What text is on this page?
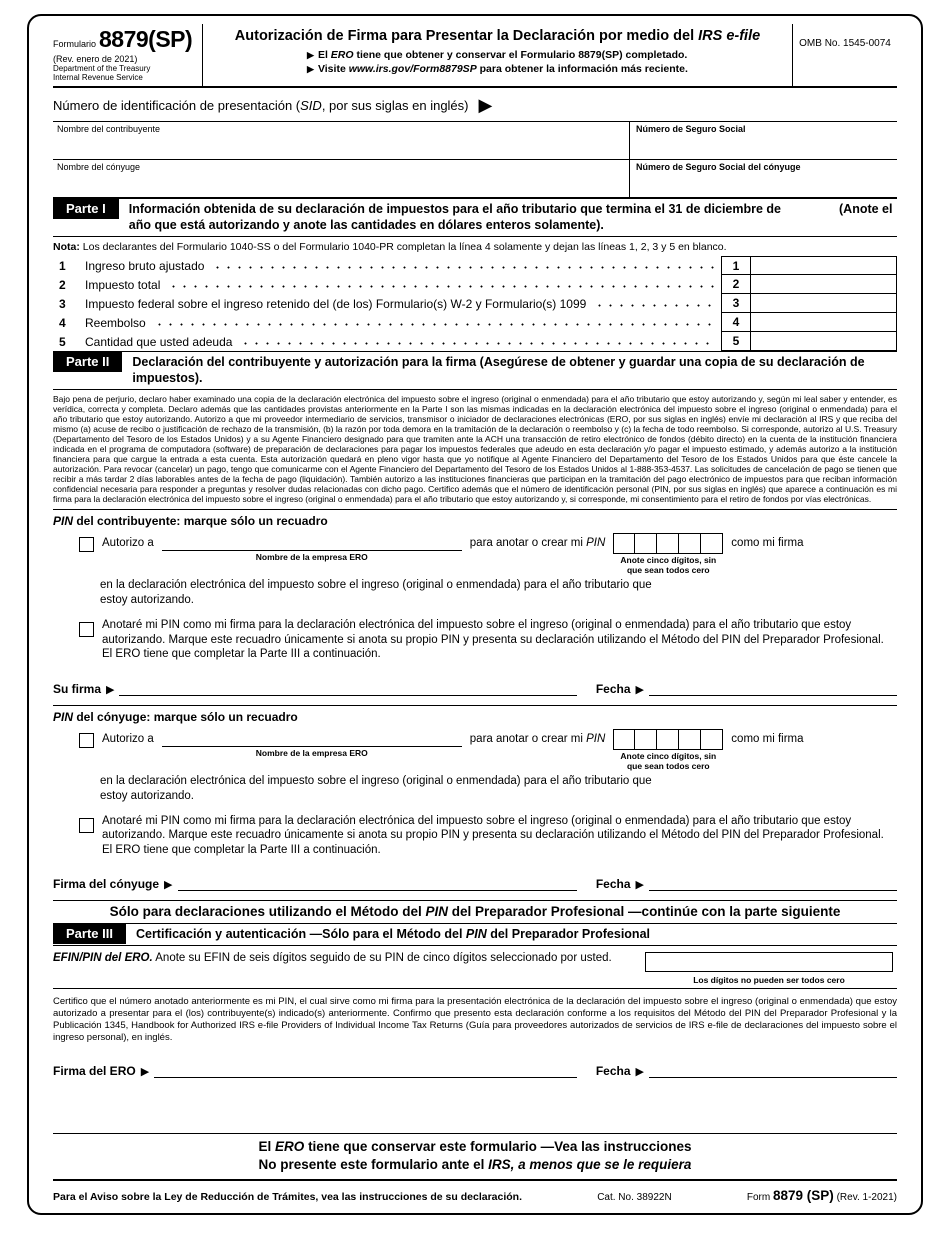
Formulario 8879(SP)
(Rev. enero de 2021)
Department of the Treasury
Internal Revenue Service
Autorización de Firma para Presentar la Declaración por medio del IRS e-file
▶ El ERO tiene que obtener y conservar el Formulario 8879(SP) completado.
▶ Visite www.irs.gov/Form8879SP para obtener la información más reciente.
OMB No. 1545-0074
Número de identificación de presentación (SID, por sus siglas en inglés) ▶
Nombre del contribuyente	Número de Seguro Social
Nombre del cónyuge	Número de Seguro Social del cónyuge
Parte I	Información obtenida de su declaración de impuestos para el año tributario que termina el 31 de diciembre de	(Anote el año que está autorizando y anote las cantidades en dólares enteros solamente).
Nota: Los declarantes del Formulario 1040-SS o del Formulario 1040-PR completan la línea 4 solamente y dejan las líneas 1, 2, 3 y 5 en blanco.
1	Ingreso bruto ajustado	1
2	Impuesto total	2
3	Impuesto federal sobre el ingreso retenido del (de los) Formulario(s) W-2 y Formulario(s) 1099	3
4	Reembolso	4
5	Cantidad que usted adeuda	5
Parte II	Declaración del contribuyente y autorización para la firma (Asegúrese de obtener y guardar una copia de su declaración de impuestos).

Bajo pena de perjurio, declaro haber examinado una copia de la declaración electrónica del impuesto sobre el ingreso (original o enmendada) para el año tributario que estoy autorizando y, según mi leal saber y entender, es verídica, correcta y completa. Declaro además que las cantidades provistas anteriormente en la Parte I son las mismas indicadas en la declaración electrónica del impuesto sobre el ingreso (original o enmendada) para el año tributario que estoy autorizando. Autorizo a que mi proveedor intermediario de servicios, transmisor o iniciador de declaraciones electrónicas (ERO, por sus siglas en inglés) envíe mi declaración al IRS y que reciba del mismo (a) acuse de recibo o justificación de rechazo de la transmisión, (b) la razón por toda demora en la tramitación de la declaración o reembolso y (c) la fecha de todo reembolso. Si corresponde, autorizo al U.S. Treasury (Departamento del Tesoro de los Estados Unidos) y a su Agente Financiero designado para que tramiten ante la ACH una transacción de retiro electrónico de fondos (débito directo) en la cuenta de la institución financiera indicada en el programa de computadora (software) de preparación de declaraciones para pagar los impuestos federales que adeudo en esta declaración y/o pagar el impuesto estimado, y además autorizo a la institución financiera para que cargue la entrada a esta cuenta. Esta autorización quedará en pleno vigor hasta que yo notifique al Agente Financiero del Departamento del Tesoro de los Estados Unidos para que éste cancele la autorización. Para revocar (cancelar) un pago, tengo que comunicarme con el Agente Financiero del Departamento del Tesoro de los Estados Unidos al 1-888-353-4537. Las solicitudes de cancelación de pago se tienen que recibir a más tardar 2 días laborables antes de la fecha de pago (liquidación). También autorizo a las instituciones financieras que participan en la tramitación del pago electrónico de impuestos para que reciban información confidencial necesaria para responder a preguntas y resolver dudas relacionadas con dicho pago. Certifico además que el número de identificación personal (PIN, por sus siglas en inglés) que aparece a continuación es mi firma para la declaración electrónica del impuesto sobre el ingreso (original o enmendada) para el año tributario que estoy autorizando y, si corresponde, mi consentimiento para el retiro de fondos por vías electrónicas.

PIN del contribuyente: marque sólo un recuadro
Autorizo a
Nombre de la empresa ERO
para anotar o crear mi PIN
Anote cinco dígitos, sin
que sean todos cero
como mi firma
en la declaración electrónica del impuesto sobre el ingreso (original o enmendada) para el año tributario que estoy autorizando.

Anotaré mi PIN como mi firma para la declaración electrónica del impuesto sobre el ingreso (original o enmendada) para el año tributario que estoy autorizando. Marque este recuadro únicamente si anota su propio PIN y presenta su declaración utilizando el Método del PIN del Preparador Profesional. El ERO tiene que completar la Parte III a continuación.

Su firma ▶	Fecha ▶
PIN del cónyuge: marque sólo un recuadro
Autorizo a
Nombre de la empresa ERO
para anotar o crear mi PIN
Anote cinco dígitos, sin
que sean todos cero
como mi firma
en la declaración electrónica del impuesto sobre el ingreso (original o enmendada) para el año tributario que estoy autorizando.

Anotaré mi PIN como mi firma para la declaración electrónica del impuesto sobre el ingreso (original o enmendada) para el año tributario que estoy autorizando. Marque este recuadro únicamente si anota su propio PIN y presenta su declaración utilizando el Método del PIN del Preparador Profesional. El ERO tiene que completar la Parte III a continuación.

Firma del cónyuge ▶	Fecha ▶
Sólo para declaraciones utilizando el Método del PIN del Preparador Profesional —continúe con la parte siguiente
Parte III	Certificación y autenticación —Sólo para el Método del PIN del Preparador Profesional
EFIN/PIN del ERO. Anote su EFIN de seis dígitos seguido de su PIN de cinco dígitos seleccionado por usted.
Los dígitos no pueden ser todos cero

Certifico que el número anotado anteriormente es mi PIN, el cual sirve como mi firma para la presentación electrónica de la declaración del impuesto sobre el ingreso (original o enmendada) que estoy autorizado a presentar para el (los) contribuyente(s) indicado(s) anteriormente. Confirmo que presento esta declaración conforme a los requisitos del Método del PIN del Preparador Profesional y la Publicación 1345, Handbook for Authorized IRS e-file Providers of Individual Income Tax Returns (Guía para proveedores autorizados de servicios de IRS e-file de declaraciones del impuesto sobre el ingreso personal), en inglés.

Firma del ERO ▶	Fecha ▶
El ERO tiene que conservar este formulario —Vea las instrucciones
No presente este formulario ante el IRS, a menos que se le requiera
Para el Aviso sobre la Ley de Reducción de Trámites, vea las instrucciones de su declaración.	Cat. No. 38922N	Form 8879 (SP) (Rev. 1-2021)
